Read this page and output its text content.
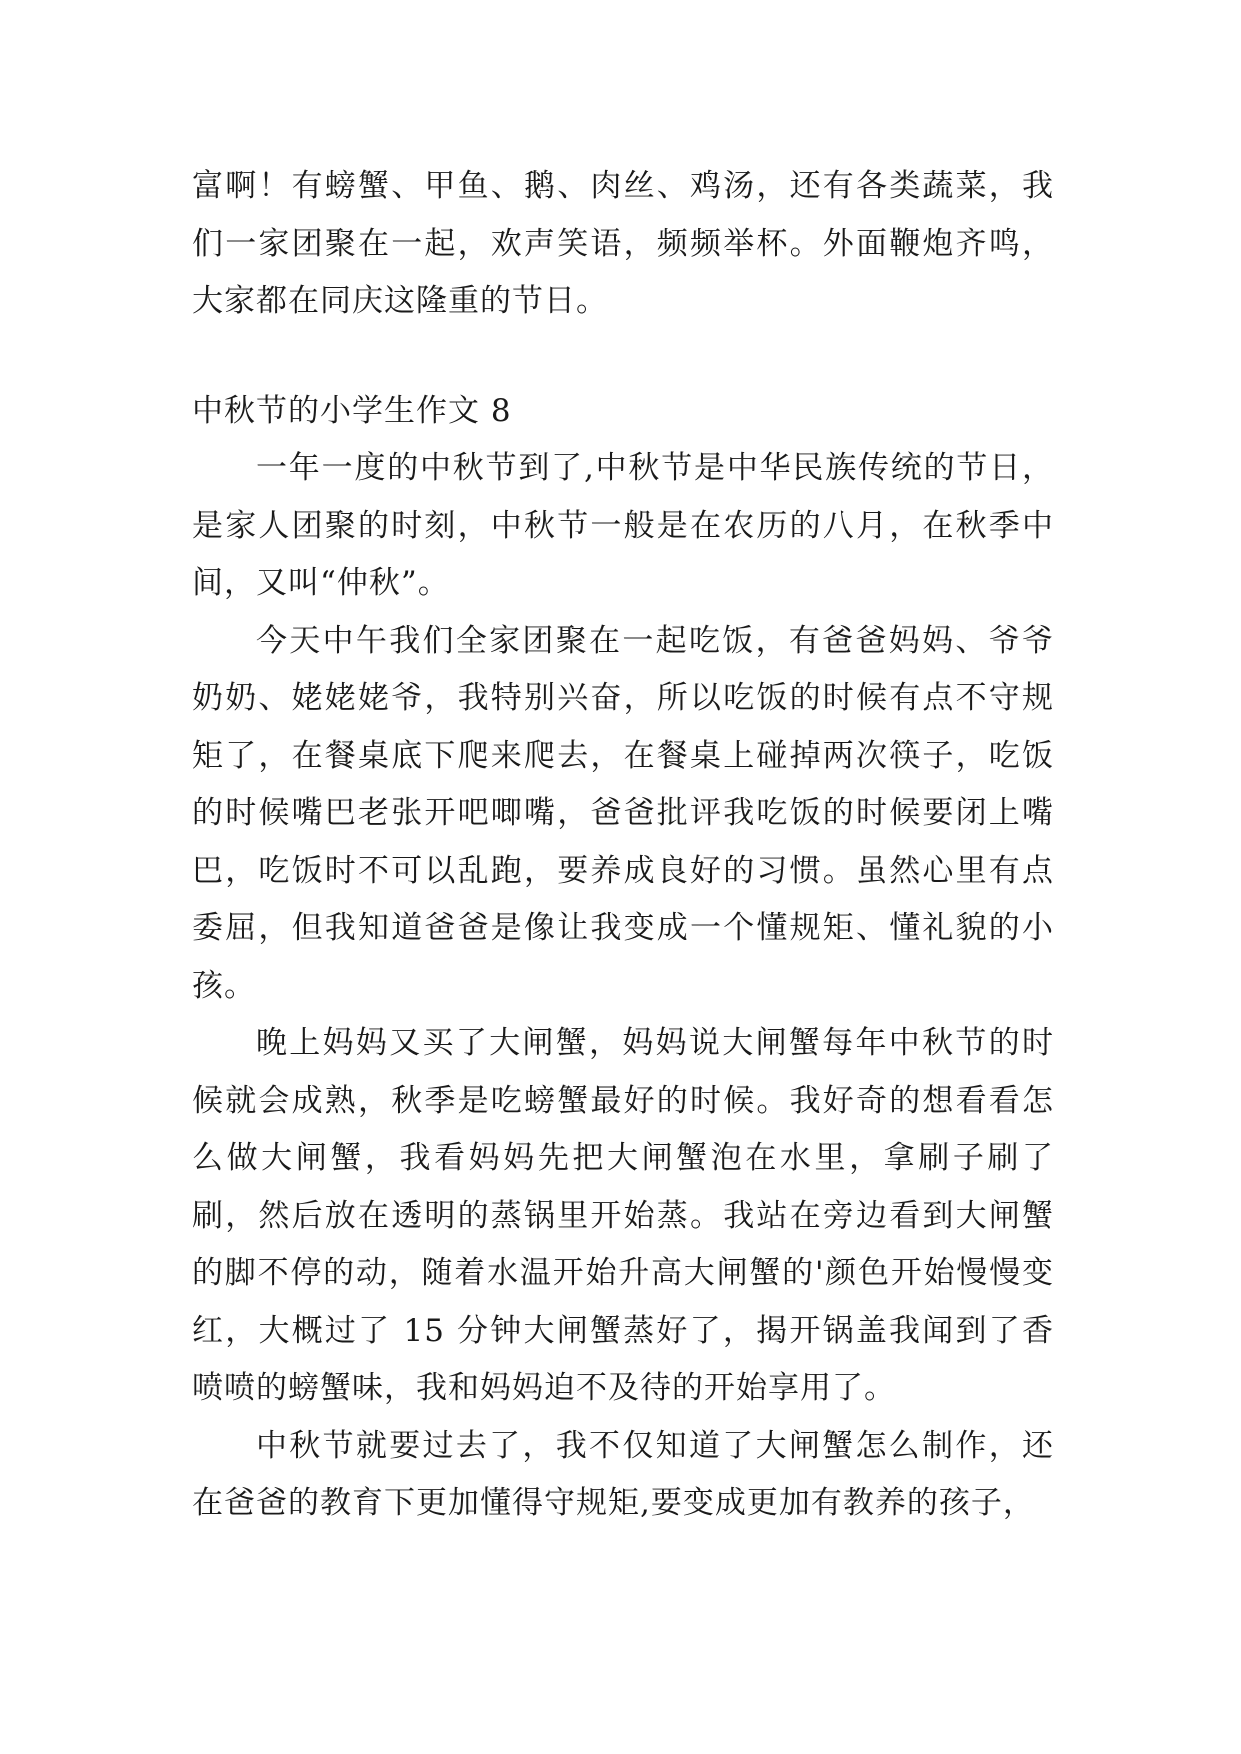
富啊！有螃蟹、甲鱼、鹅、肉丝、鸡汤，还有各类蔬菜，我们一家团聚在一起，欢声笑语，频频举杯。外面鞭炮齐鸣，大家都在同庆这隆重的节日。

中秋节的小学生作文 8

一年一度的中秋节到了,中秋节是中华民族传统的节日，是家人团聚的时刻，中秋节一般是在农历的八月，在秋季中间，又叫“仲秋”。

今天中午我们全家团聚在一起吃饭，有爸爸妈妈、爷爷奶奶、姥姥姥爷，我特别兴奋，所以吃饭的时候有点不守规矩了，在餐桌底下爬来爬去，在餐桌上碰掉两次筷子，吃饭的时候嘴巴老张开吧唧嘴，爸爸批评我吃饭的时候要闭上嘴巴，吃饭时不可以乱跑，要养成良好的习惯。虽然心里有点委屈，但我知道爸爸是像让我变成一个懂规矩、懂礼貌的小孩。

晚上妈妈又买了大闸蟹，妈妈说大闸蟹每年中秋节的时候就会成熟，秋季是吃螃蟹最好的时候。我好奇的想看看怎么做大闸蟹，我看妈妈先把大闸蟹泡在水里，拿刷子刷了刷，然后放在透明的蒸锅里开始蒸。我站在旁边看到大闸蟹的脚不停的动，随着水温开始升高大闸蟹的'颜色开始慢慢变红，大概过了 15 分钟大闸蟹蒸好了，揭开锅盖我闻到了香喷喷的螃蟹味，我和妈妈迫不及待的开始享用了。

中秋节就要过去了，我不仅知道了大闸蟹怎么制作，还在爸爸的教育下更加懂得守规矩,要变成更加有教养的孩子，
